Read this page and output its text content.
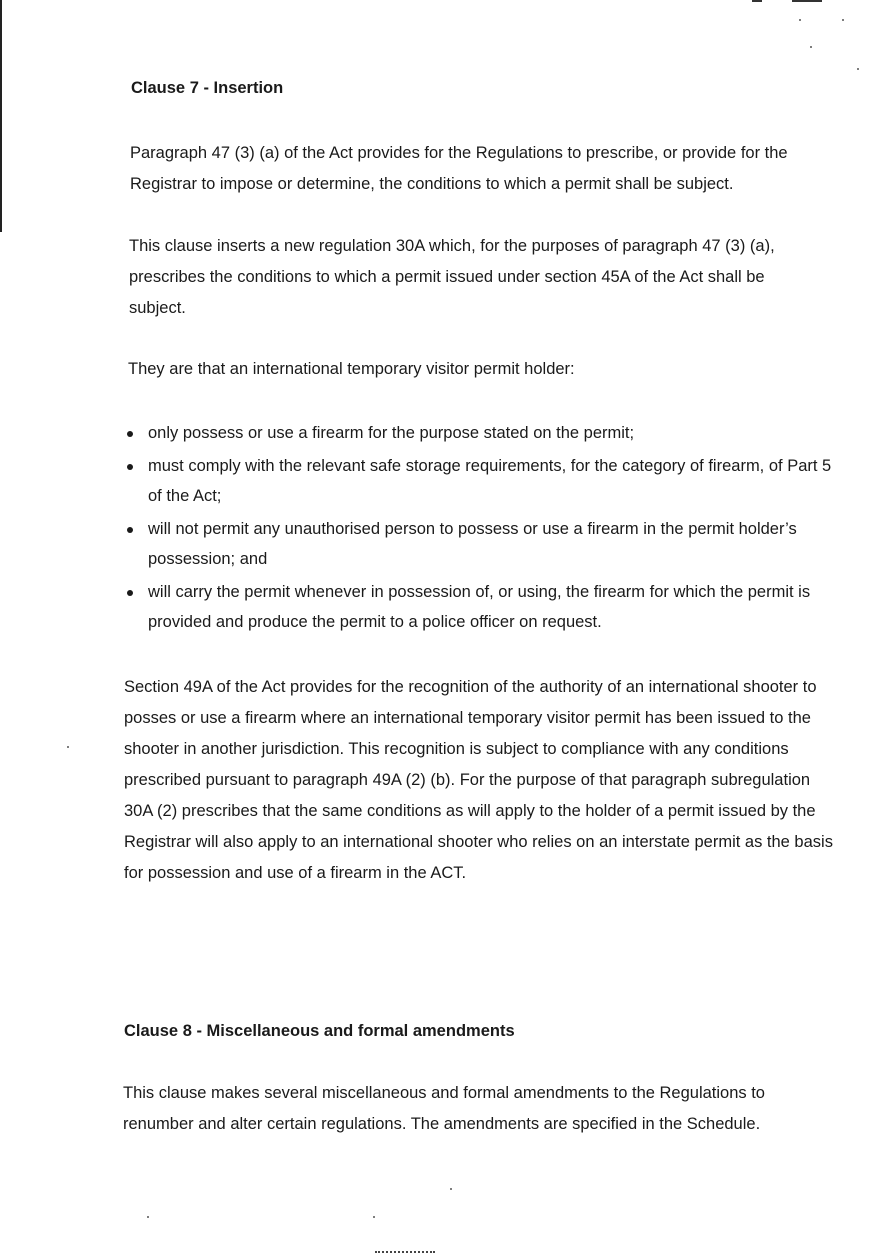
Clause 7 - Insertion

Paragraph 47 (3) (a) of the Act provides for the Regulations to prescribe, or provide for the Registrar to impose or determine, the conditions to which a permit shall be subject.

This clause inserts a new regulation 30A which, for the purposes of paragraph 47 (3) (a), prescribes the conditions to which a permit issued under section 45A of the Act shall be subject.

They are that an international temporary visitor permit holder:

only possess or use a firearm for the purpose stated on the permit;
must comply with the relevant safe storage requirements, for the category of firearm, of Part 5 of the Act;
will not permit any unauthorised person to possess or use a firearm in the permit holder’s possession; and
will carry the permit whenever in possession of, or using, the firearm for which the permit is provided and produce the permit to a police officer on request.

Section 49A of the Act provides for the recognition of the authority of an international shooter to posses or use a firearm where an international temporary visitor permit has been issued to the shooter in another jurisdiction. This recognition is subject to compliance with any conditions prescribed pursuant to paragraph 49A (2) (b). For the purpose of that paragraph subregulation 30A (2) prescribes that the same conditions as will apply to the holder of a permit issued by the Registrar will also apply to an international shooter who relies on an interstate permit as the basis for possession and use of a firearm in the ACT.

Clause 8 - Miscellaneous and formal amendments

This clause makes several miscellaneous and formal amendments to the Regulations to renumber and alter certain regulations. The amendments are specified in the Schedule.
